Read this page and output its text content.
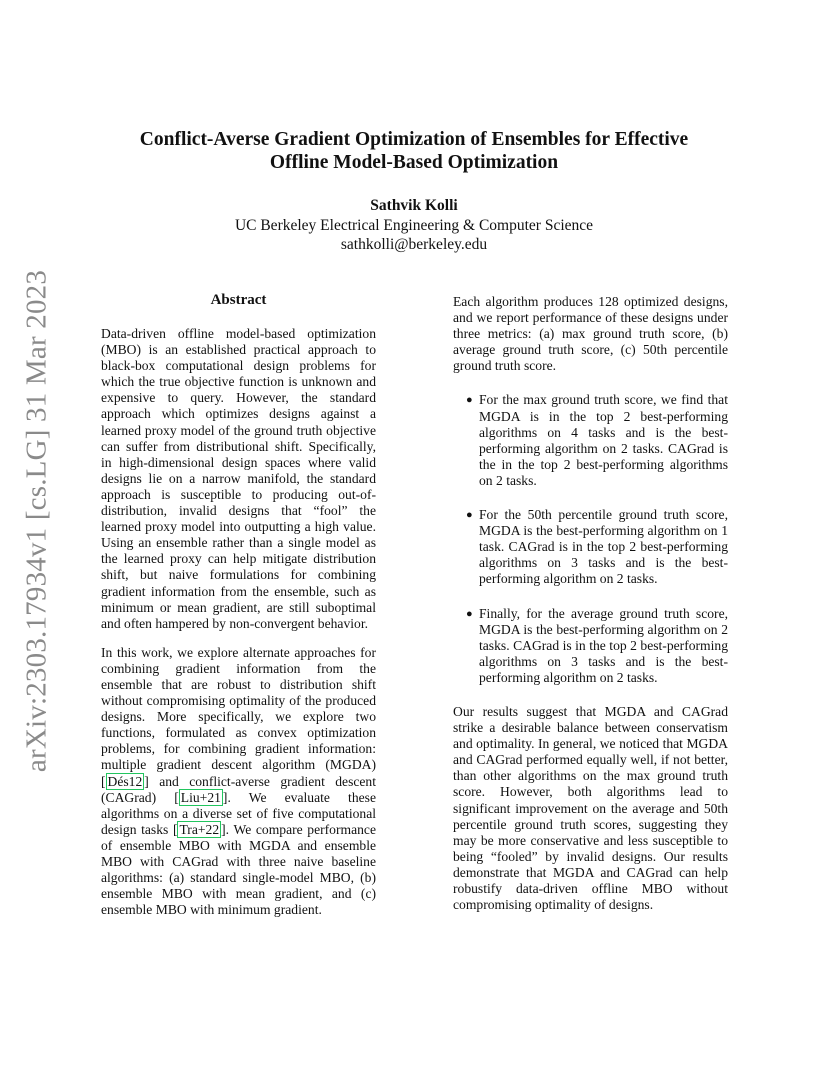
arXiv:2303.17934v1 [cs.LG] 31 Mar 2023
Conflict-Averse Gradient Optimization of Ensembles for Effective
Offline Model-Based Optimization
Sathvik Kolli
UC Berkeley Electrical Engineering & Computer Science
sathkolli@berkeley.edu
Abstract

Data-driven offline model-based optimization (MBO) is an established practical approach to black-box computational design problems for which the true objective function is unknown and expensive to query. However, the standard approach which optimizes designs against a learned proxy model of the ground truth objective can suffer from distributional shift. Specifically, in high-dimensional design spaces where valid designs lie on a narrow manifold, the standard approach is susceptible to producing out-of-distribution, invalid designs that “fool” the learned proxy model into outputting a high value. Using an ensemble rather than a single model as the learned proxy can help mitigate distribution shift, but naive formulations for combining gradient information from the ensemble, such as minimum or mean gradient, are still suboptimal and often hampered by non-convergent behavior.

In this work, we explore alternate approaches for combining gradient information from the ensemble that are robust to distribution shift without compromising optimality of the produced designs. More specifically, we explore two functions, formulated as convex optimization problems, for combining gradient information: multiple gradient descent algorithm (MGDA) [ Dés12 ] and conflict-averse gradient descent (CAGrad) [ Liu+21 ]. We evaluate these algorithms on a diverse set of five computational design tasks [ Tra+22 ]. We compare performance of ensemble MBO with MGDA and ensemble MBO with CAGrad with three naive baseline algorithms: (a) standard single-model MBO, (b) ensemble MBO with mean gradient, and (c) ensemble MBO with minimum gradient.

Each algorithm produces 128 optimized designs, and we report performance of these designs under three metrics: (a) max ground truth score, (b) average ground truth score, (c) 50th percentile ground truth score.

● For the max ground truth score, we find that MGDA is in the top 2 best-performing algorithms on 4 tasks and is the best-performing algorithm on 2 tasks. CAGrad is the in the top 2 best-performing algorithms on 2 tasks.
● For the 50th percentile ground truth score, MGDA is the best-performing algorithm on 1 task. CAGrad is in the top 2 best-performing algorithms on 3 tasks and is the best-performing algorithm on 2 tasks.
● Finally, for the average ground truth score, MGDA is the best-performing algorithm on 2 tasks. CAGrad is in the top 2 best-performing algorithms on 3 tasks and is the best-performing algorithm on 2 tasks.

Our results suggest that MGDA and CAGrad strike a desirable balance between conservatism and optimality. In general, we noticed that MGDA and CAGrad performed equally well, if not better, than other algorithms on the max ground truth score. However, both algorithms lead to significant improvement on the average and 50th percentile ground truth scores, suggesting they may be more conservative and less susceptible to being “fooled” by invalid designs. Our results demonstrate that MGDA and CAGrad can help robustify data-driven offline MBO without compromising optimality of designs.
